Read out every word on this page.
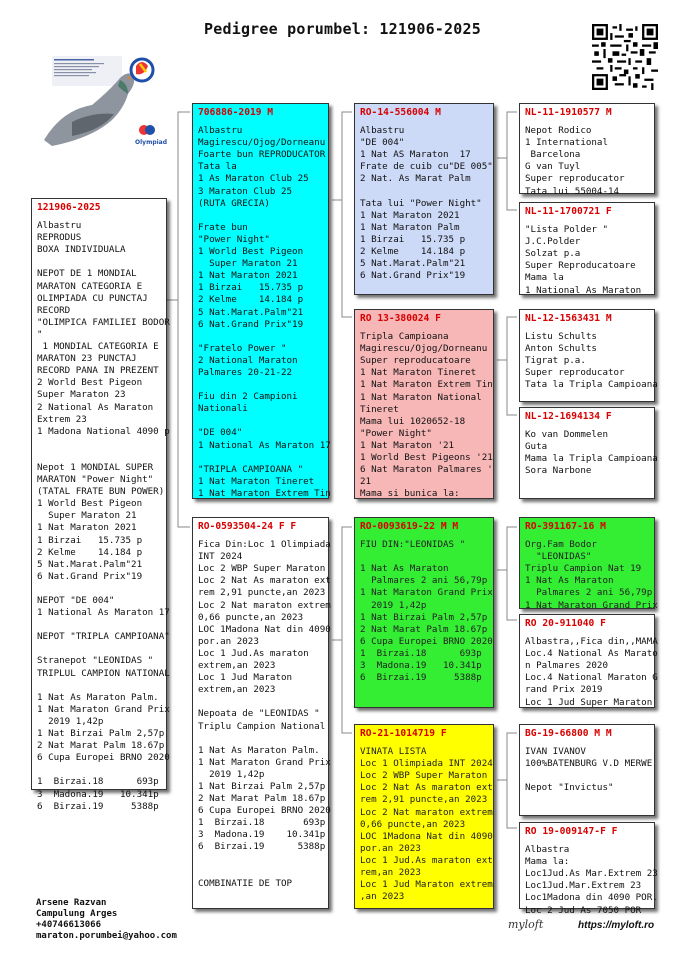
Pedigree porumbel: 121906-2025
Olympiad
121906-2025
Albastru
REPRODUS
BOXA INDIVIDUALA

NEPOT DE 1 MONDIAL
MARATON CATEGORIA E
OLIMPIADA CU PUNCTAJ
RECORD
"OLIMPICA FAMILIEI BODOR
"
1 MONDIAL CATEGORIA E
MARATON 23 PUNCTAJ
RECORD PANA IN PREZENT
2 World Best Pigeon
Super Maraton 23
2 National As Maraton
Extrem 23
1 Madona National 4090 p

Nepot 1 MONDIAL SUPER
MARATON "Power Night"
(TATAL FRATE BUN POWER)
1 World Best Pigeon
Super Maraton 21
1 Nat Maraton 2021
1 Birzai   15.735 p
2 Kelme    14.184 p
5 Nat.Marat.Palm"21
6 Nat.Grand Prix"19

NEPOT "DE 004"
1 National As Maraton 17

NEPOT "TRIPLA CAMPIOANA"

Stranepot "LEONIDAS "
TRIPLUL CAMPION NATIONAL

1 Nat As Maraton Palm.
1 Nat Maraton Grand Prix
2019 1,42p
1 Nat Birzai Palm 2,57p
2 Nat Marat Palm 18.67p
6 Cupa Europei BRNO 2020

1  Birzai.18      693p
3  Madona.19   10.341p
6  Birzai.19     5388p
706886-2019 M
Albastru
Magirescu/Ojog/Dorneanu
Foarte bun REPRODUCATOR
Tata la
1 As Maraton Club 25
3 Maraton Club 25
(RUTA GRECIA)

Frate bun
"Power Night"
1 World Best Pigeon
Super Maraton 21
1 Nat Maraton 2021
1 Birzai   15.735 p
2 Kelme    14.184 p
5 Nat.Marat.Palm"21
6 Nat.Grand Prix"19

"Fratelo Power "
2 National Maraton
Palmares 20-21-22

Fiu din 2 Campioni
Nationali

"DE 004"
1 National As Maraton 17

"TRIPLA CAMPIOANA "
1 Nat Maraton Tineret
1 Nat Maraton Extrem Tin
RO-0593504-24 F F
Fica Din:Loc 1 Olimpiada
INT 2024
Loc 2 WBP Super Maraton
Loc 2 Nat As maraton ext
rem 2,91 puncte,an 2023
Loc 2 Nat maraton extrem
0,66 puncte,an 2023
LOC 1Madona Nat din 4090
por.an 2023
Loc 1 Jud.As maraton
extrem,an 2023
Loc 1 Jud Maraton
extrem,an 2023

Nepoata de "LEONIDAS "
Triplu Campion National

1 Nat As Maraton Palm.
1 Nat Maraton Grand Prix
2019 1,42p
1 Nat Birzai Palm 2,57p
2 Nat Marat Palm 18.67p
6 Cupa Europei BRNO 2020
1  Birzai.18       693p
3  Madona.19    10.341p
6  Birzai.19      5388p

COMBINATIE DE TOP
RO-14-556004 M
Albastru
"DE 004"
1 Nat AS Maraton  17
Frate de cuib cu"DE 005"
2 Nat. As Marat Palm

Tata lui "Power Night"
1 Nat Maraton 2021
1 Nat Maraton Palm
1 Birzai   15.735 p
2 Kelme    14.184 p
5 Nat.Marat.Palm"21
6 Nat.Grand Prix"19
RO 13-380024 F
Tripla Campioana
Magirescu/Ojog/Dorneanu
Super reproducatoare
1 Nat Maraton Tineret
1 Nat Maraton Extrem Tin
1 Nat Maraton National
Tineret
Mama lui 1020652-18
"Power Night"
1 Nat Maraton '21
1 World Best Pigeons '21
6 Nat Maraton Palmares '
21
Mama si bunica la:
RO-0093619-22 M M
FIU DIN:"LEONIDAS "

1 Nat As Maraton
Palmares 2 ani 56,79p
1 Nat Maraton Grand Prix
2019 1,42p
1 Nat Birzai Palm 2,57p
2 Nat Marat Palm 18.67p
6 Cupa Europei BRNO 2020
1  Birzai.18      693p
3  Madona.19   10.341p
6  Birzai.19     5388p
RO-21-1014719 F
VINATA LISTA
Loc 1 Olimpiada INT 2024
Loc 2 WBP Super Maraton
Loc 2 Nat As maraton ext
rem 2,91 puncte,an 2023
Loc 2 Nat maraton extrem
0,66 puncte,an 2023
LOC 1Madona Nat din 4090
por.an 2023
Loc 1 Jud.As maraton ext
rem,an 2023
Loc 1 Jud Maraton extrem
,an 2023
NL-11-1910577 M
Nepot Rodico
1 International
Barcelona
G van Tuyl
Super reproducator
Tata lui 55004-14
NL-11-1700721 F
"Lista Polder "
J.C.Polder
Solzat p.a
Super Reproducatoare
Mama la
1 National As Maraton
NL-12-1563431 M
Listu Schults
Anton Schults
Tigrat p.a.
Super reproducator
Tata la Tripla Campioana
NL-12-1694134 F
Ko van Dommelen
Guta
Mama la Tripla Campioana
Sora Narbone
RO-391167-16 M
Org.Fam Bodor
"LEONIDAS"
Triplu Campion Nat 19
1 Nat As Maraton
Palmares 2 ani 56,79p
1 Nat Maraton Grand Prix
RO 20-911040 F
Albastra,,Fica din,,MAMA
Loc.4 National As Marato
n Palmares 2020
Loc.4 National Maraton G
rand Prix 2019
Loc 1 Jud Super Maraton
BG-19-66800 M M
IVAN IVANOV
100%BATENBURG V.D MERWE

Nepot "Invictus"
RO 19-009147-F F
Albastra
Mama la:
Loc1Jud.As Mar.Extrem 23
Loc1Jud.Mar.Extrem 23
Loc1Madona din 4090 POR.
Loc 2 Jud As 7050 POR
Arsene Razvan
Campulung Arges
+40746613066
maraton.porumbei@yahoo.com
myloft	https://myloft.ro
